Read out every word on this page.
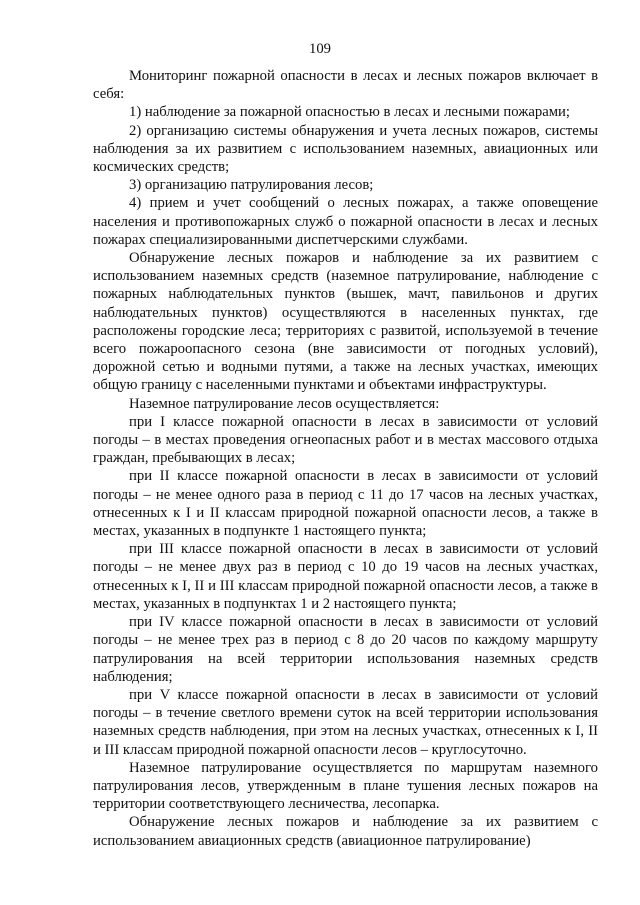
109

Мониторинг пожарной опасности в лесах и лесных пожаров включает в себя:

1) наблюдение за пожарной опасностью в лесах и лесными пожарами;

2) организацию системы обнаружения и учета лесных пожаров, системы наблюдения за их развитием с использованием наземных, авиационных или космических средств;

3) организацию патрулирования лесов;

4) прием и учет сообщений о лесных пожарах, а также оповещение населения и противопожарных служб о пожарной опасности в лесах и лесных пожарах специализированными диспетчерскими службами.

Обнаружение лесных пожаров и наблюдение за их развитием с использованием наземных средств (наземное патрулирование, наблюдение с пожарных наблюдательных пунктов (вышек, мачт, павильонов и других наблюдательных пунктов) осуществляются в населенных пунктах, где расположены городские леса; территориях с развитой, используемой в течение всего пожароопасного сезона (вне зависимости от погодных условий), дорожной сетью и водными путями, а также на лесных участках, имеющих общую границу с населенными пунктами и объектами инфраструктуры.

Наземное патрулирование лесов осуществляется:

при I классе пожарной опасности в лесах в зависимости от условий погоды – в местах проведения огнеопасных работ и в местах массового отдыха граждан, пребывающих в лесах;

при II классе пожарной опасности в лесах в зависимости от условий погоды – не менее одного раза в период с 11 до 17 часов на лесных участках, отнесенных к I и II классам природной пожарной опасности лесов, а также в местах, указанных в подпункте 1 настоящего пункта;

при III классе пожарной опасности в лесах в зависимости от условий погоды – не менее двух раз в период с 10 до 19 часов на лесных участках, отнесенных к I, II и III классам природной пожарной опасности лесов, а также в местах, указанных в подпунктах 1 и 2 настоящего пункта;

при IV классе пожарной опасности в лесах в зависимости от условий погоды – не менее трех раз в период с 8 до 20 часов по каждому маршруту патрулирования на всей территории использования наземных средств наблюдения;

при V классе пожарной опасности в лесах в зависимости от условий погоды – в течение светлого времени суток на всей территории использования наземных средств наблюдения, при этом на лесных участках, отнесенных к I, II и III классам природной пожарной опасности лесов – круглосуточно.

Наземное патрулирование осуществляется по маршрутам наземного патрулирования лесов, утвержденным в плане тушения лесных пожаров на территории соответствующего лесничества, лесопарка.

Обнаружение лесных пожаров и наблюдение за их развитием с использованием авиационных средств (авиационное патрулирование)
